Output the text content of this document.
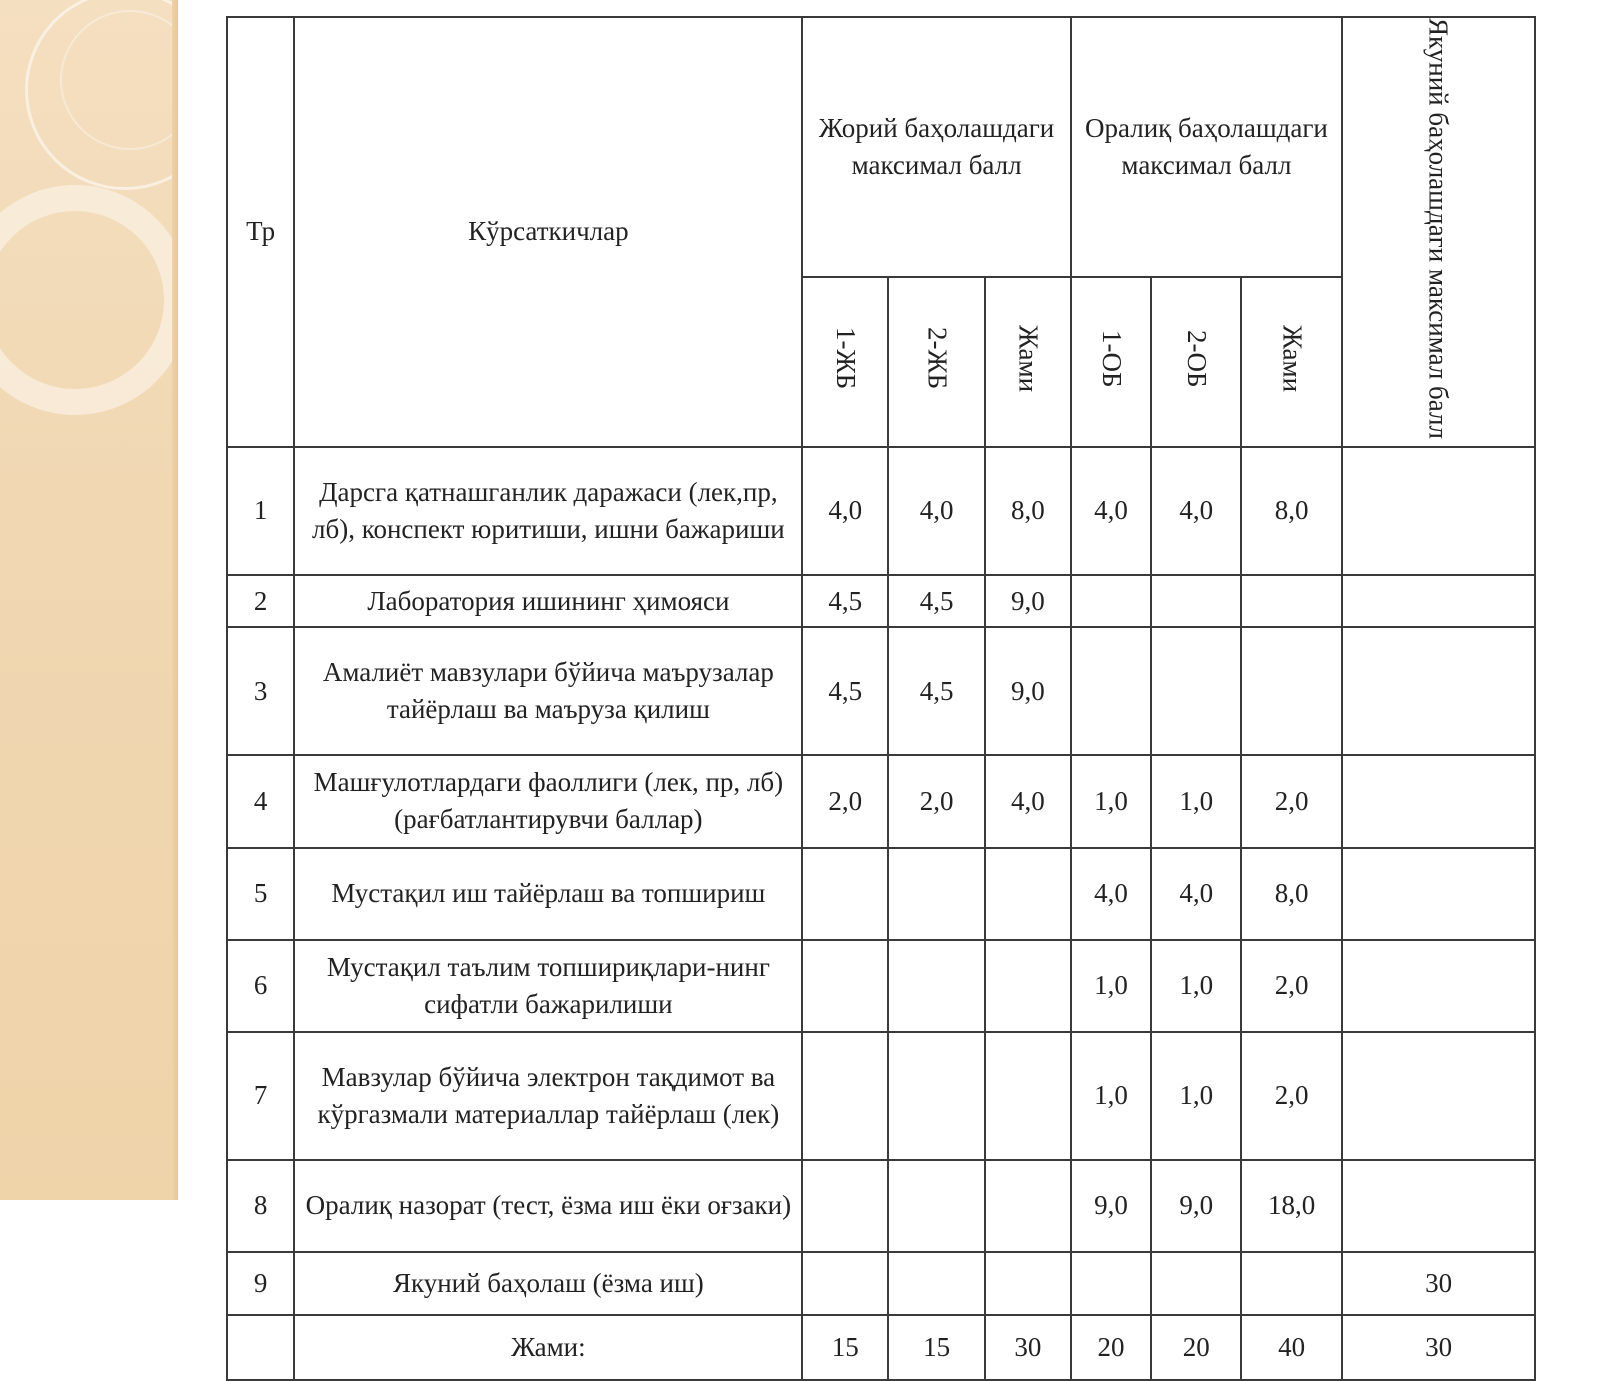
Тр	Кўрсаткичлар	Жорий баҳолашдаги максимал балл			Оралиқ баҳолашдаги максимал балл			Якуний баҳолашдаги максимал балл
		1-ЖБ	2-ЖБ	Жами	1-ОБ	2-ОБ	Жами	
1	Дарсга қатнашганлик даражаси (лек,пр, лб), конспект юритиши, ишни бажариши	4,0	4,0	8,0	4,0	4,0	8,0	
2	Лаборатория ишининг ҳимояси	4,5	4,5	9,0				
3	Амалиёт мавзулари бўйича маърузалар тайёрлаш ва маъруза қилиш	4,5	4,5	9,0				
4	Машғулотлардаги фаоллиги (лек, пр, лб) (рағбатлантирувчи баллар)	2,0	2,0	4,0	1,0	1,0	2,0	
5	Мустақил иш тайёрлаш ва топшириш				4,0	4,0	8,0	
6	Мустақил таълим топшириқлари-нинг сифатли бажарилиши				1,0	1,0	2,0	
7	Мавзулар бўйича электрон тақдимот ва кўргазмали материаллар тайёрлаш (лек)				1,0	1,0	2,0	
8	Оралиқ назорат (тест, ёзма иш ёки оғзаки)				9,0	9,0	18,0	
9	Якуний баҳолаш (ёзма иш)							30
	Жами:	15	15	30	20	20	40	30
